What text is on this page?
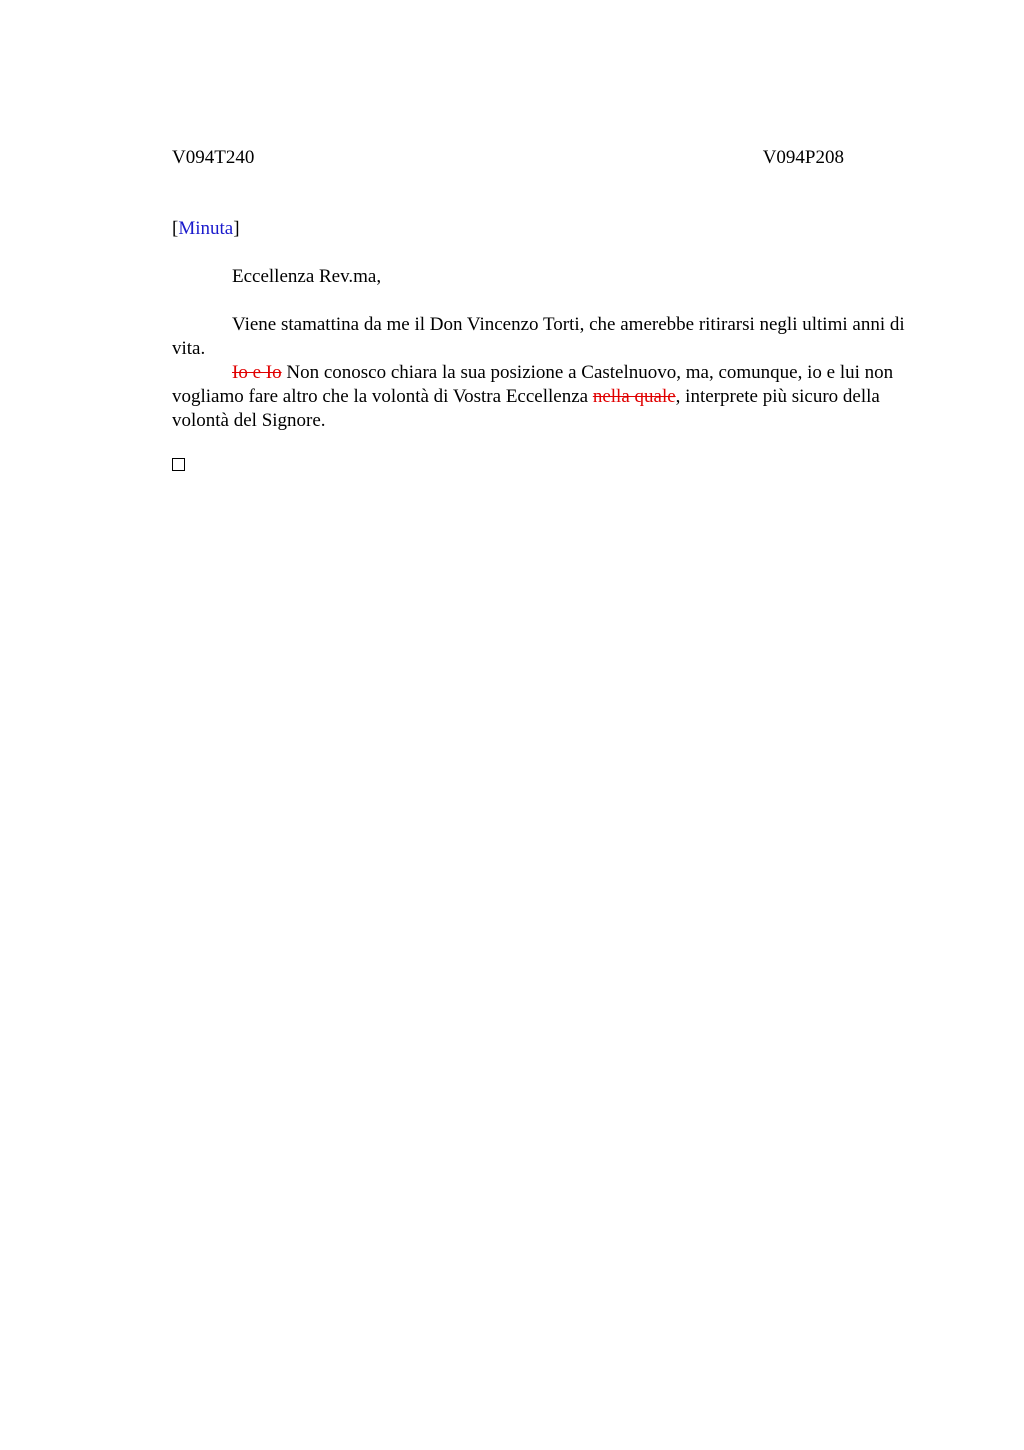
V094T240	V094P208
[Minuta]
Eccellenza Rev.ma,

Viene stamattina da me il Don Vincenzo Torti, che amerebbe ritirarsi negli ultimi anni di vita.

Io e Io Non conosco chiara la sua posizione a Castelnuovo, ma, comunque, io e lui non vogliamo fare altro che la volontà di Vostra Eccellenza nella quale, interprete più sicuro della volontà del Signore.
